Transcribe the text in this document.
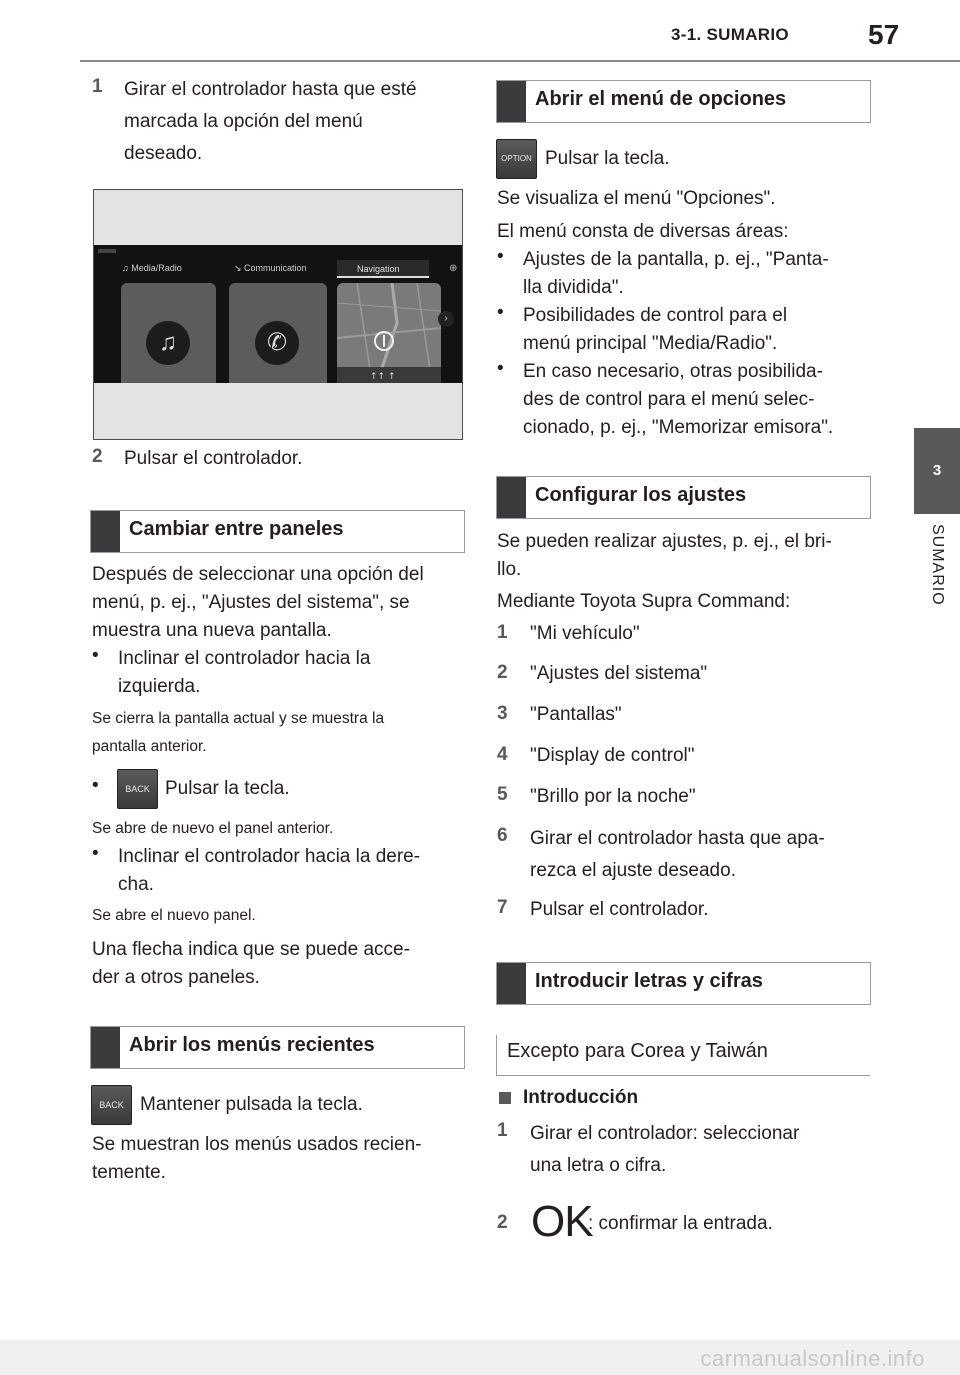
3-1. SUMARIO	57
3
SUMARIO
1 Girar el controlador hasta que esté
marcada la opción del menú
deseado.
♫ Media/Radio	↘ Communication	Navigation	⊕
♫	✆
↑↑ ↑
›
2 Pulsar el controlador.
Cambiar entre paneles
Después de seleccionar una opción del
menú, p. ej., "Ajustes del sistema", se
muestra una nueva pantalla.
• Inclinar el controlador hacia la
izquierda.
Se cierra la pantalla actual y se muestra la
pantalla anterior.
•	BACK Pulsar la tecla.
Se abre de nuevo el panel anterior.
• Inclinar el controlador hacia la dere-
cha.
Se abre el nuevo panel.
Una flecha indica que se puede acce-
der a otros paneles.
Abrir los menús recientes
BACK Mantener pulsada la tecla.
Se muestran los menús usados recien-
temente.
Abrir el menú de opciones
OPTION Pulsar la tecla.
Se visualiza el menú "Opciones".
El menú consta de diversas áreas:
• Ajustes de la pantalla, p. ej., "Panta-
lla dividida".
• Posibilidades de control para el
menú principal "Media/Radio".
• En caso necesario, otras posibilida-
des de control para el menú selec-
cionado, p. ej., "Memorizar emisora".
Configurar los ajustes
Se pueden realizar ajustes, p. ej., el bri-
llo.
Mediante Toyota Supra Command:
1 "Mi vehículo"
2 "Ajustes del sistema"
3 "Pantallas"
4 "Display de control"
5 "Brillo por la noche"
6 Girar el controlador hasta que apa-
rezca el ajuste deseado.
7 Pulsar el controlador.
Introducir letras y cifras
Excepto para Corea y Taiwán
Introducción
1 Girar el controlador: seleccionar
una letra o cifra.
2 OK
: confirmar la entrada.
carmanualsonline.info
